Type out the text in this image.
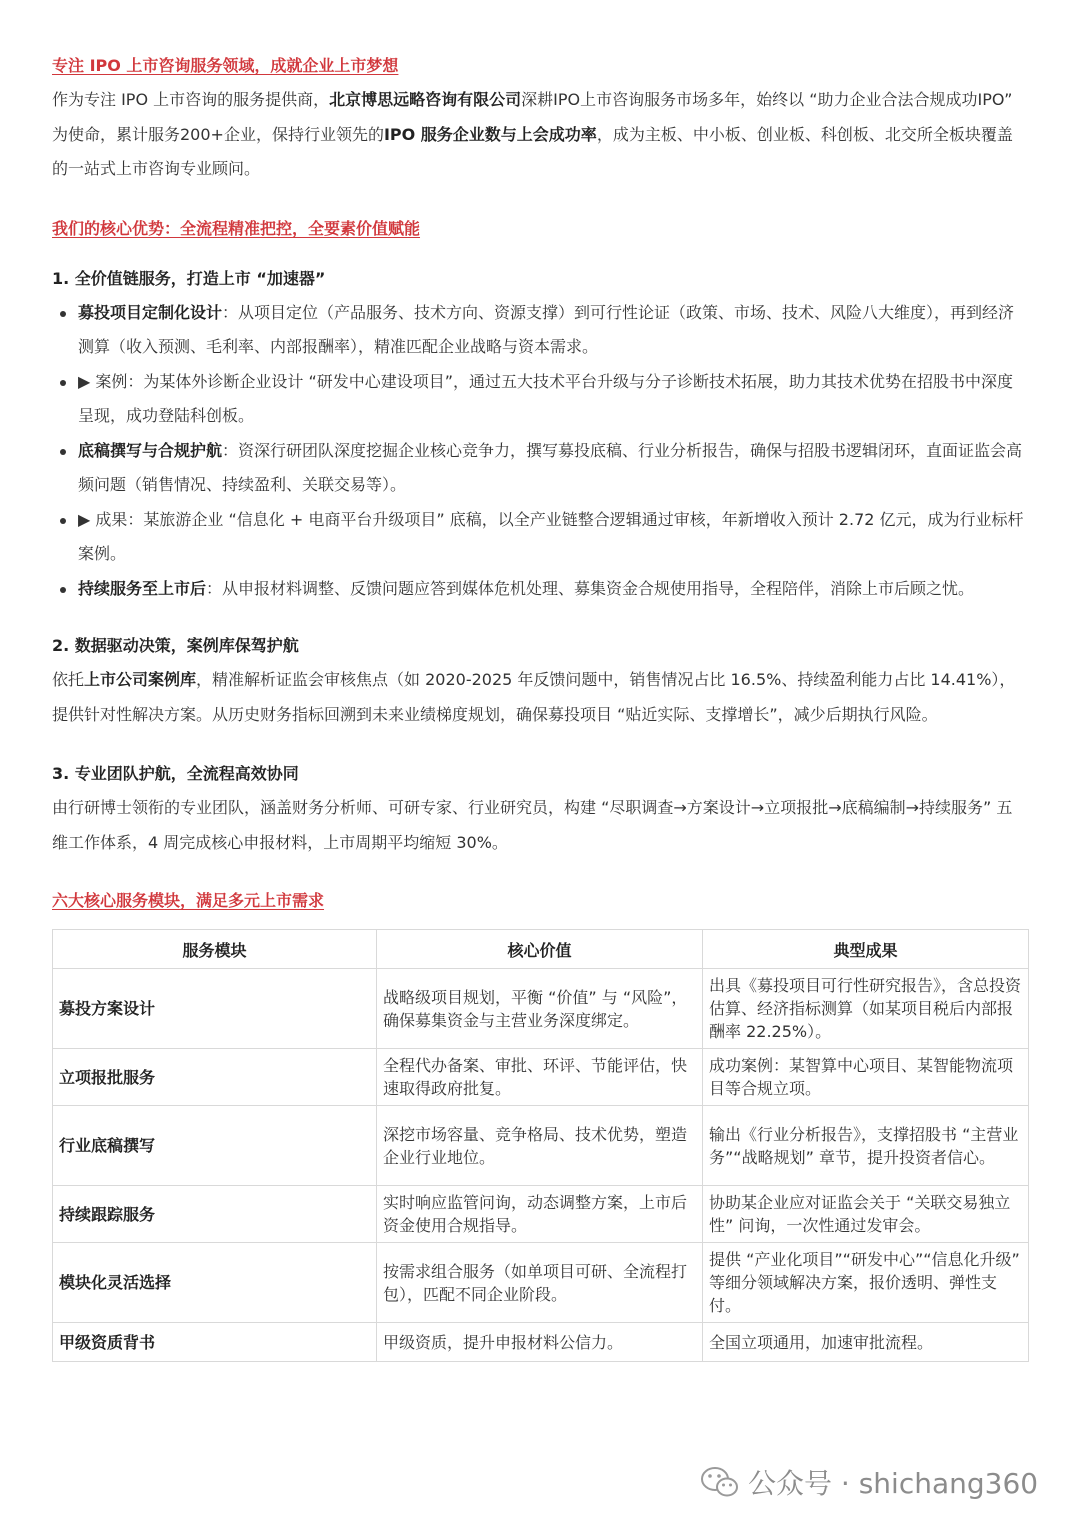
专注 IPO 上市咨询服务领域，成就企业上市梦想

作为专注 IPO 上市咨询的服务提供商，北京博思远略咨询有限公司深耕IPO上市咨询服务市场多年，始终以 “助力企业合法合规成功IPO” 为使命，累计服务200+企业，保持行业领先的IPO 服务企业数与上会成功率，成为主板、中小板、创业板、科创板、北交所全板块覆盖的一站式上市咨询专业顾问。

我们的核心优势：全流程精准把控，全要素价值赋能

1. 全价值链服务，打造上市 “加速器”

募投项目定制化设计：从项目定位（产品服务、技术方向、资源支撑）到可行性论证（政策、市场、技术、风险八大维度），再到经济测算（收入预测、毛利率、内部报酬率），精准匹配企业战略与资本需求。
▶ 案例：为某体外诊断企业设计 “研发中心建设项目”，通过五大技术平台升级与分子诊断技术拓展，助力其技术优势在招股书中深度呈现，成功登陆科创板。
底稿撰写与合规护航：资深行研团队深度挖掘企业核心竞争力，撰写募投底稿、行业分析报告，确保与招股书逻辑闭环，直面证监会高频问题（销售情况、持续盈利、关联交易等）。
▶ 成果：某旅游企业 “信息化 + 电商平台升级项目” 底稿，以全产业链整合逻辑通过审核，年新增收入预计 2.72 亿元，成为行业标杆案例。
持续服务至上市后：从申报材料调整、反馈问题应答到媒体危机处理、募集资金合规使用指导，全程陪伴，消除上市后顾之忧。

2. 数据驱动决策，案例库保驾护航

依托上市公司案例库，精准解析证监会审核焦点（如 2020-2025 年反馈问题中，销售情况占比 16.5%、持续盈利能力占比 14.41%），提供针对性解决方案。从历史财务指标回溯到未来业绩梯度规划，确保募投项目 “贴近实际、支撑增长”，减少后期执行风险。

3. 专业团队护航，全流程高效协同

由行研博士领衔的专业团队，涵盖财务分析师、可研专家、行业研究员，构建 “尽职调查→方案设计→立项报批→底稿编制→持续服务” 五维工作体系，4 周完成核心申报材料，上市周期平均缩短 30%。

六大核心服务模块，满足多元上市需求

服务模块	核心价值	典型成果
募投方案设计	战略级项目规划，平衡 “价值” 与 “风险”，确保募集资金与主营业务深度绑定。	出具《募投项目可行性研究报告》，含总投资估算、经济指标测算（如某项目税后内部报酬率 22.25%）。
立项报批服务	全程代办备案、审批、环评、节能评估，快速取得政府批复。	成功案例：某智算中心项目、某智能物流项目等合规立项。
行业底稿撰写	深挖市场容量、竞争格局、技术优势，塑造企业行业地位。	输出《行业分析报告》，支撑招股书 “主营业务”“战略规划” 章节，提升投资者信心。
持续跟踪服务	实时响应监管问询，动态调整方案，上市后资金使用合规指导。	协助某企业应对证监会关于 “关联交易独立性” 问询，一次性通过发审会。
模块化灵活选择	按需求组合服务（如单项目可研、全流程打包），匹配不同企业阶段。	提供 “产业化项目”“研发中心”“信息化升级” 等细分领域解决方案，报价透明、弹性支付。
甲级资质背书	甲级资质，提升申报材料公信力。	全国立项通用，加速审批流程。
公众号 · shichang360
